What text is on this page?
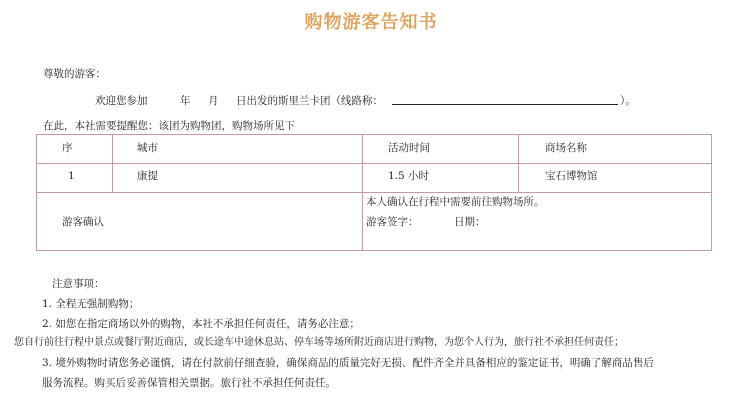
购物游客告知书
尊敬的游客：
欢迎您参加	年 月 日出发的斯里兰卡团（线路称：	）。
在此，本社需要提醒您：该团为购物团，购物场所见下
序	城市	活动时间	商场名称
1	康提	1.5 小时	宝石博物馆
游客确认
本人确认在行程中需要前往购物场所。
游客签字：	日期：
注意事项：
1. 全程无强制购物；
2. 如您在指定商场以外的购物，本社不承担任何责任，请务必注意；
您自行前往行程中景点或餐厅附近商店，或长途车中途休息站、停车场等场所附近商店进行购物，为您个人行为，旅行社不承担任何责任；
3. 境外购物时请您务必谨慎，请在付款前仔细查验，确保商品的质量完好无损、配件齐全并具备相应的鉴定证书，明确了解商品售后
服务流程。购买后妥善保管相关票据。旅行社不承担任何责任。
